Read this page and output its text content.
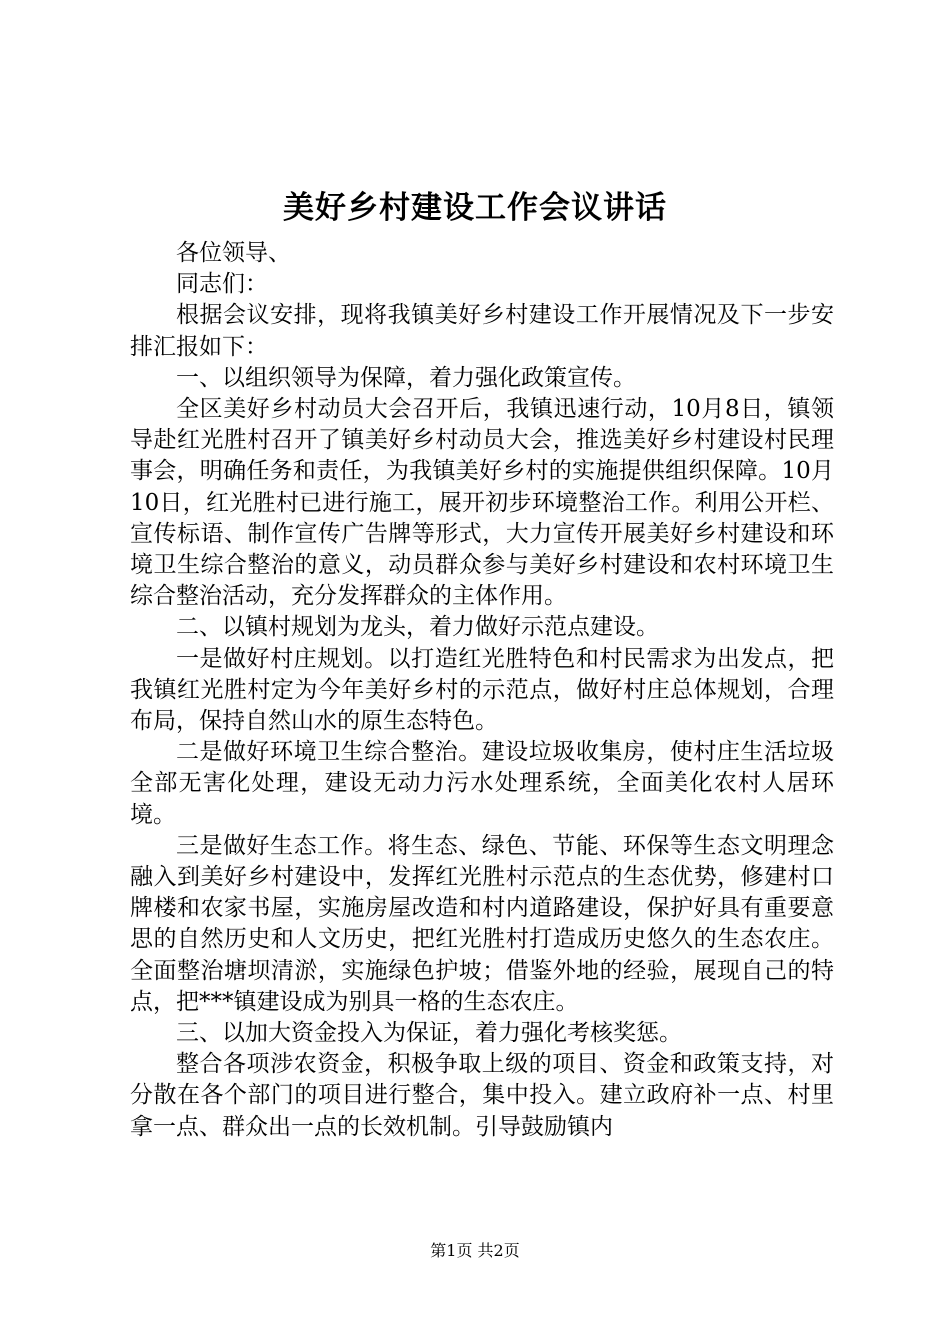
美好乡村建设工作会议讲话

各位领导、

同志们：

根据会议安排，现将我镇美好乡村建设工作开展情况及下一步安排汇报如下：

一、以组织领导为保障，着力强化政策宣传。

全区美好乡村动员大会召开后，我镇迅速行动，10月8日，镇领导赴红光胜村召开了镇美好乡村动员大会，推选美好乡村建设村民理事会，明确任务和责任，为我镇美好乡村的实施提供组织保障。10月10日，红光胜村已进行施工，展开初步环境整治工作。利用公开栏、宣传标语、制作宣传广告牌等形式，大力宣传开展美好乡村建设和环境卫生综合整治的意义，动员群众参与美好乡村建设和农村环境卫生综合整治活动，充分发挥群众的主体作用。

二、以镇村规划为龙头，着力做好示范点建设。

一是做好村庄规划。以打造红光胜特色和村民需求为出发点，把我镇红光胜村定为今年美好乡村的示范点，做好村庄总体规划，合理布局，保持自然山水的原生态特色。

二是做好环境卫生综合整治。建设垃圾收集房，使村庄生活垃圾全部无害化处理，建设无动力污水处理系统，全面美化农村人居环境。

三是做好生态工作。将生态、绿色、节能、环保等生态文明理念融入到美好乡村建设中，发挥红光胜村示范点的生态优势，修建村口牌楼和农家书屋，实施房屋改造和村内道路建设，保护好具有重要意思的自然历史和人文历史，把红光胜村打造成历史悠久的生态农庄。全面整治塘坝清淤，实施绿色护坡；借鉴外地的经验，展现自己的特点，把***镇建设成为别具一格的生态农庄。

三、以加大资金投入为保证，着力强化考核奖惩。

整合各项涉农资金，积极争取上级的项目、资金和政策支持，对分散在各个部门的项目进行整合，集中投入。建立政府补一点、村里拿一点、群众出一点的长效机制。引导鼓励镇内

第1页 共2页
